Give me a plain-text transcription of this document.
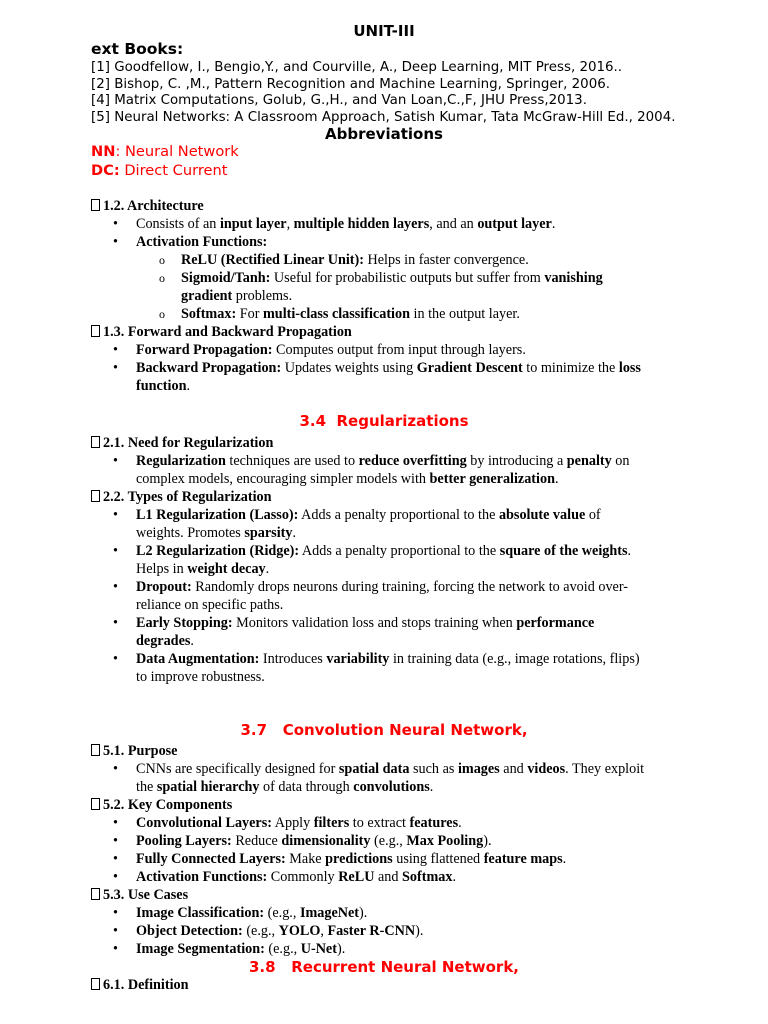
UNIT-III
ext Books:
[1] Goodfellow, I., Bengio,Y., and Courville, A., Deep Learning, MIT Press, 2016..
[2] Bishop, C. ,M., Pattern Recognition and Machine Learning, Springer, 2006.
[4] Matrix Computations, Golub, G.,H., and Van Loan,C.,F, JHU Press,2013.
[5] Neural Networks: A Classroom Approach, Satish Kumar, Tata McGraw-Hill Ed., 2004.
Abbreviations
NN: Neural Network
DC: Direct Current
1.2. Architecture
• Consists of an input layer, multiple hidden layers, and an output layer.
• Activation Functions:
o ReLU (Rectified Linear Unit): Helps in faster convergence.
o Sigmoid/Tanh: Useful for probabilistic outputs but suffer from vanishing
gradient problems.
o Softmax: For multi-class classification in the output layer.
1.3. Forward and Backward Propagation
• Forward Propagation: Computes output from input through layers.
• Backward Propagation: Updates weights using Gradient Descent to minimize the loss
function.
3.4  Regularizations
2.1. Need for Regularization
• Regularization techniques are used to reduce overfitting by introducing a penalty on
complex models, encouraging simpler models with better generalization.
2.2. Types of Regularization
• L1 Regularization (Lasso): Adds a penalty proportional to the absolute value of
weights. Promotes sparsity.
• L2 Regularization (Ridge): Adds a penalty proportional to the square of the weights.
Helps in weight decay.
• Dropout: Randomly drops neurons during training, forcing the network to avoid over-
reliance on specific paths.
• Early Stopping: Monitors validation loss and stops training when performance
degrades.
• Data Augmentation: Introduces variability in training data (e.g., image rotations, flips)
to improve robustness.
3.7   Convolution Neural Network,
5.1. Purpose
• CNNs are specifically designed for spatial data such as images and videos. They exploit
the spatial hierarchy of data through convolutions.
5.2. Key Components
• Convolutional Layers: Apply filters to extract features.
• Pooling Layers: Reduce dimensionality (e.g., Max Pooling).
• Fully Connected Layers: Make predictions using flattened feature maps.
• Activation Functions: Commonly ReLU and Softmax.
5.3. Use Cases
• Image Classification: (e.g., ImageNet).
• Object Detection: (e.g., YOLO, Faster R-CNN).
• Image Segmentation: (e.g., U-Net).
3.8   Recurrent Neural Network,
6.1. Definition
